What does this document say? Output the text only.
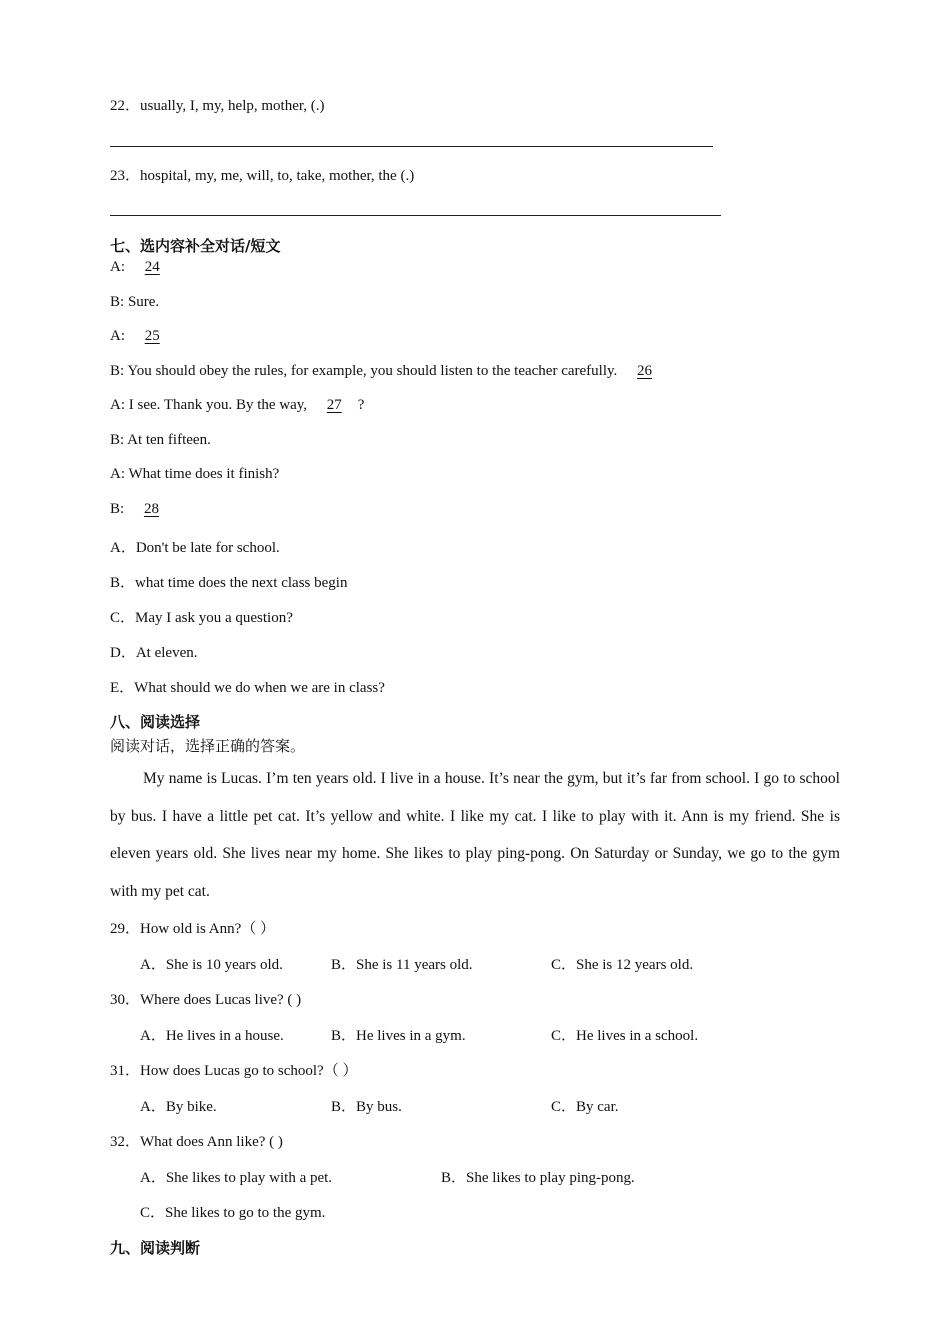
22．usually, I, my, help, mother, (.)
23．hospital, my, me, will, to, take, mother, the (.)
七、选内容补全对话/短文
A: 24
B: Sure.
A: 25
B: You should obey the rules, for example, you should listen to the teacher carefully. 26
A: I see. Thank you. By the way, 27 ?
B: At ten fifteen.
A: What time does it finish?
B: 28
A．Don't be late for school.
B．what time does the next class begin
C．May I ask you a question?
D．At eleven.
E．What should we do when we are in class?
八、阅读选择
阅读对话，选择正确的答案。
My name is Lucas. I’m ten years old. I live in a house. It’s near the gym, but it’s far from school. I go to school by bus. I have a little pet cat. It’s yellow and white. I like my cat. I like to play with it. Ann is my friend. She is eleven years old. She lives near my home. She likes to play ping-pong. On Saturday or Sunday, we go to the gym with my pet cat.
29．How old is Ann?（ ）
A．She is 10 years old.	B．She is 11 years old.	C．She is 12 years old.
30．Where does Lucas live? ( )
A．He lives in a house.	B．He lives in a gym.	C．He lives in a school.
31．How does Lucas go to school?（ ）
A．By bike.	B．By bus.	C．By car.
32．What does Ann like? ( )
A．She likes to play with a pet.	B．She likes to play ping-pong.
C．She likes to go to the gym.
九、阅读判断
